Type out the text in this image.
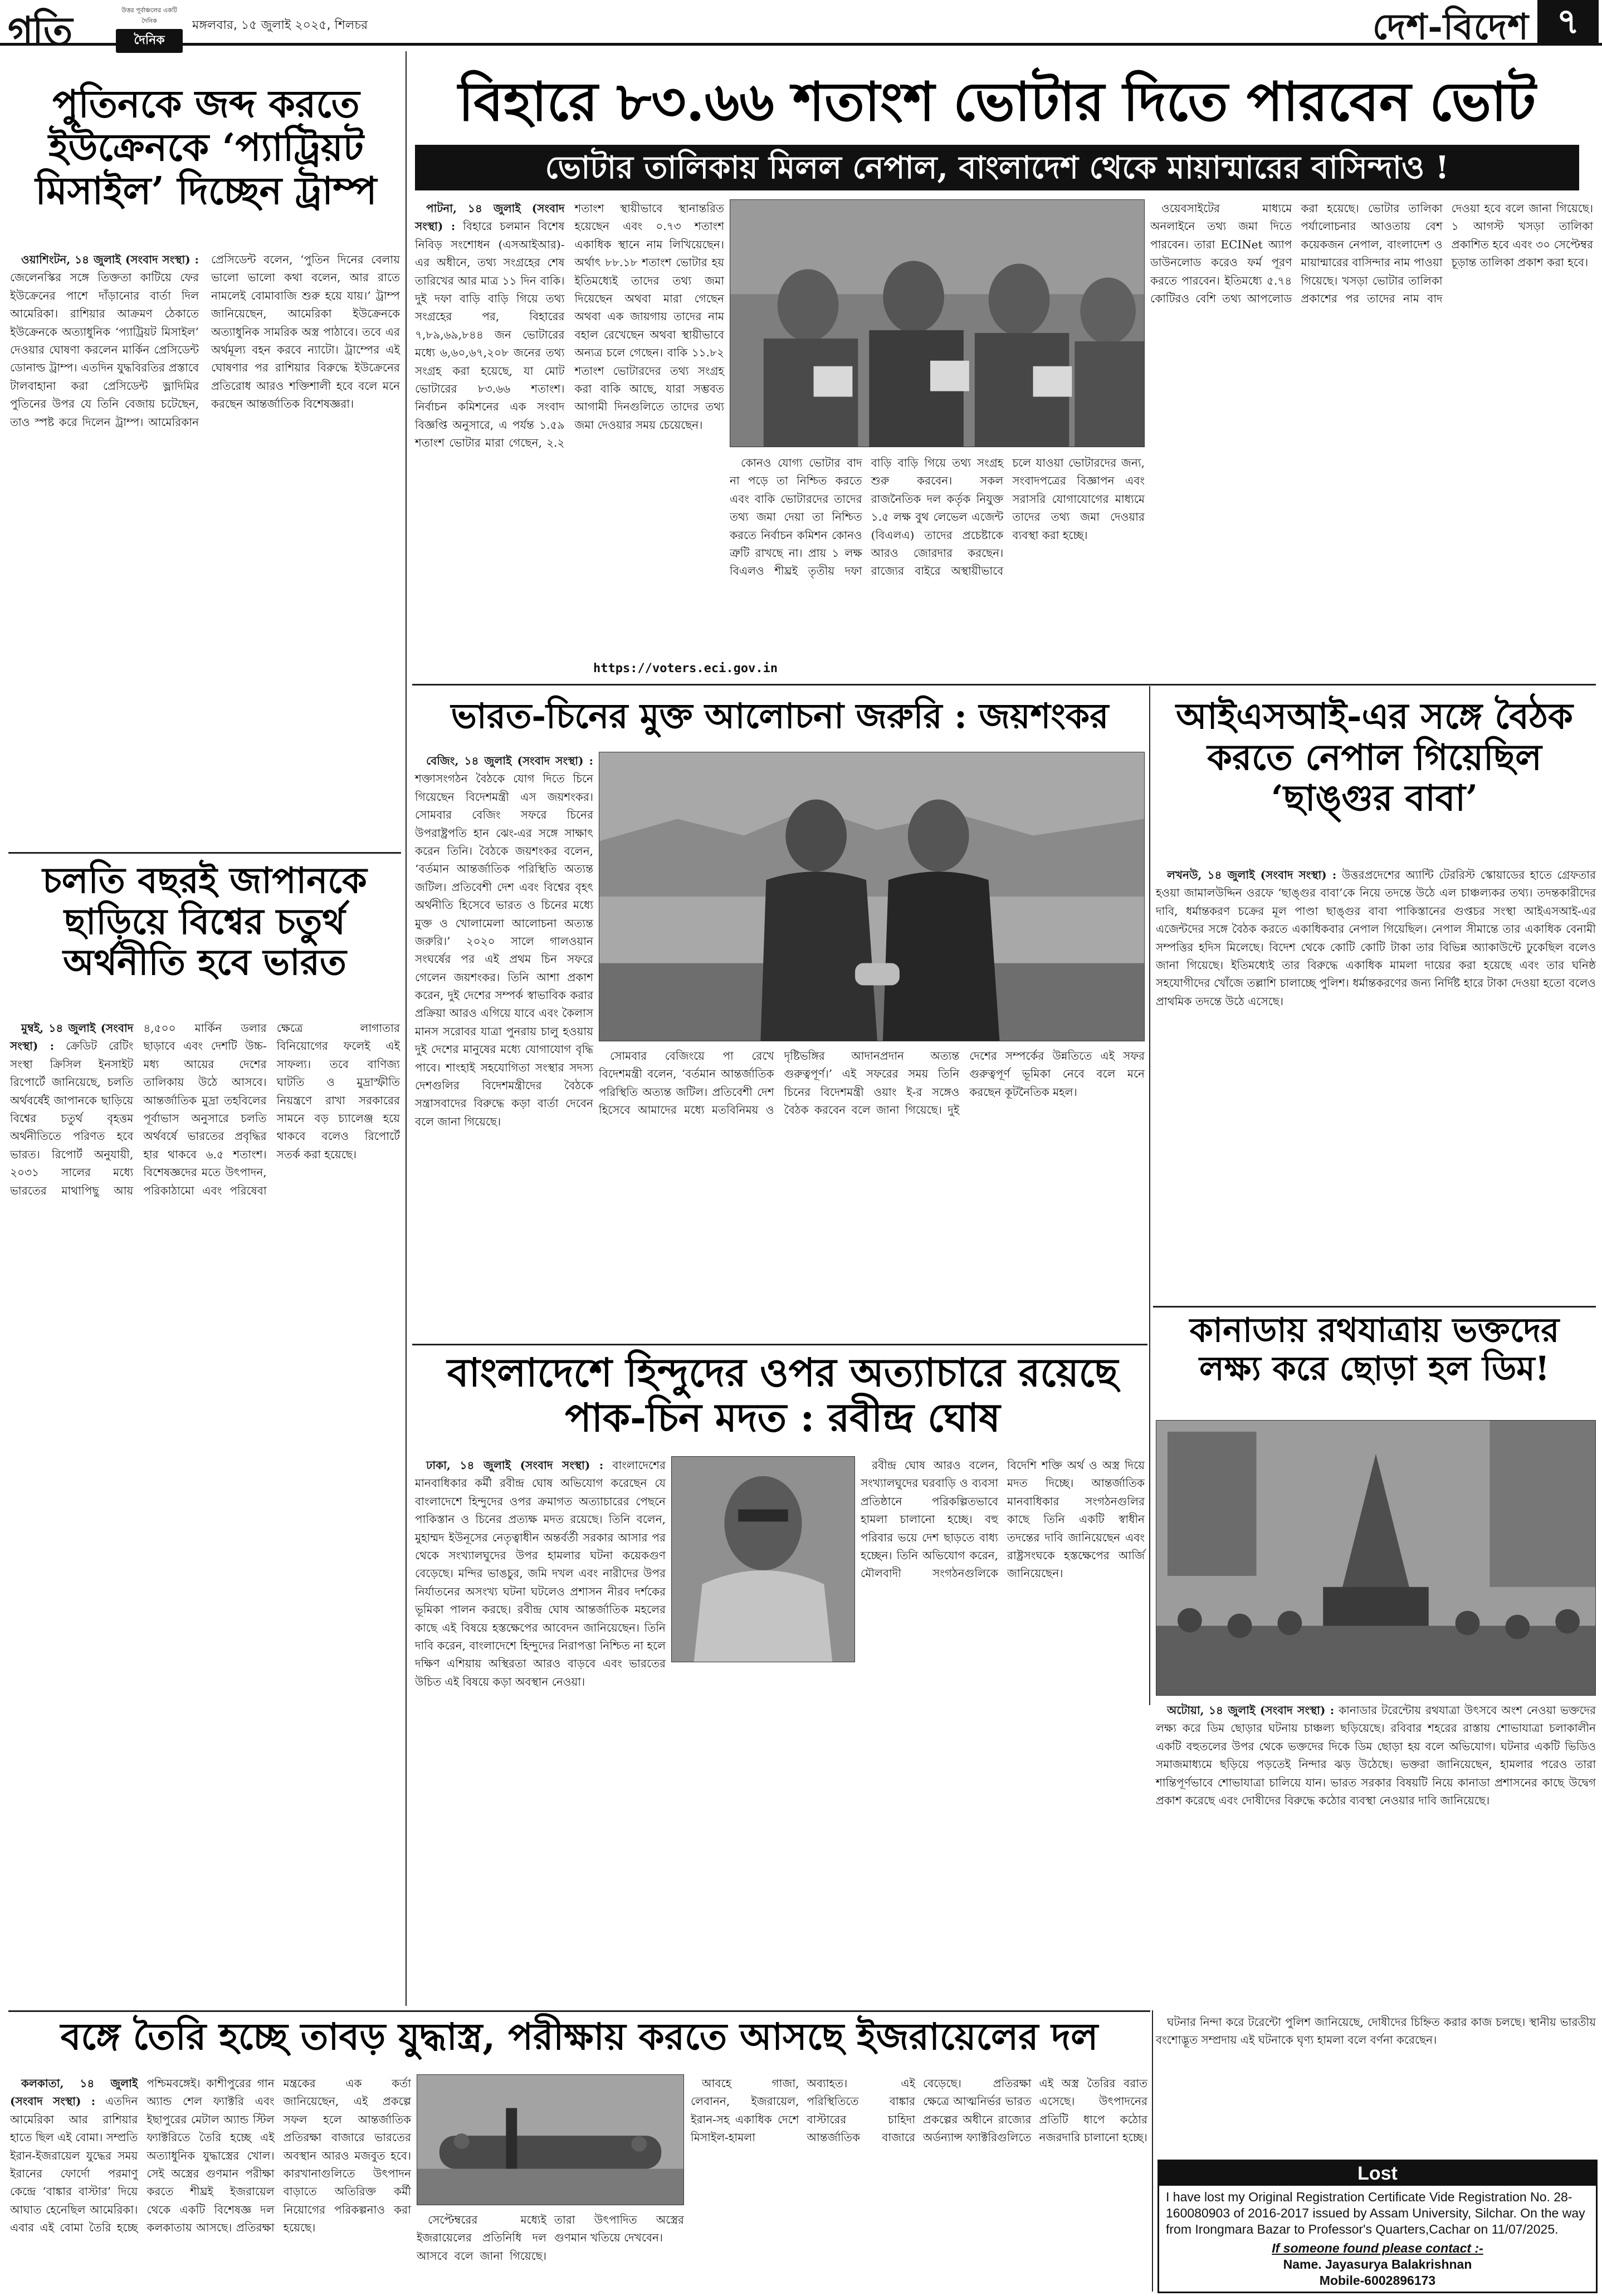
গতি	উত্তর পূর্বাঞ্চলের একটি দৈনিক
দৈনিক
মঙ্গলবার, ১৫ জুলাই ২০২৫, শিলচর	দেশ-বিদেশ ৭
পুতিনকে জব্দ করতে ইউক্রেনকে ‘প্যাট্রিয়ট মিসাইল’ দিচ্ছেন ট্রাম্প

ওয়াশিংটন, ১৪ জুলাই (সংবাদ সংস্থা) : জেলেনস্কির সঙ্গে তিক্ততা কাটিয়ে ফের ইউক্রেনের পাশে দাঁড়ানোর বার্তা দিল আমেরিকা। রাশিয়ার আক্রমণ ঠেকাতে ইউক্রেনকে অত্যাধুনিক ‘প্যাট্রিয়ট মিসাইল’ দেওয়ার ঘোষণা করলেন মার্কিন প্রেসিডেন্ট ডোনাল্ড ট্রাম্প। এতদিন যুদ্ধবিরতির প্রস্তাবে টালবাহানা করা প্রেসিডেন্ট ভ্লাদিমির পুতিনের উপর যে তিনি বেজায় চটেছেন, তাও স্পষ্ট করে দিলেন ট্রাম্প। আমেরিকান প্রেসিডেন্ট বলেন, ‘পুতিন দিনের বেলায় ভালো ভালো কথা বলেন, আর রাতে নামলেই বোমাবাজি শুরু হয়ে যায়।’ ট্রাম্প জানিয়েছেন, আমেরিকা ইউক্রেনকে অত্যাধুনিক সামরিক অস্ত্র পাঠাবে। তবে এর অর্থমূল্য বহন করবে ন্যাটো। ট্রাম্পের এই ঘোষণার পর রাশিয়ার বিরুদ্ধে ইউক্রেনের প্রতিরোধ আরও শক্তিশালী হবে বলে মনে করছেন আন্তর্জাতিক বিশেষজ্ঞরা।

চলতি বছরই জাপানকে ছাড়িয়ে বিশ্বের চতুর্থ অর্থনীতি হবে ভারত

মুম্বই, ১৪ জুলাই (সংবাদ সংস্থা) : ক্রেডিট রেটিং সংস্থা ক্রিসিল ইনসাইট রিপোর্টে জানিয়েছে, চলতি অর্থবর্ষেই জাপানকে ছাড়িয়ে বিশ্বের চতুর্থ বৃহত্তম অর্থনীতিতে পরিণত হবে ভারত। রিপোর্ট অনুযায়ী, ২০৩১ সালের মধ্যে ভারতের মাথাপিছু আয় ৪,৫০০ মার্কিন ডলার ছাড়াবে এবং দেশটি উচ্চ-মধ্য আয়ের দেশের তালিকায় উঠে আসবে। আন্তর্জাতিক মুদ্রা তহবিলের পূর্বাভাস অনুসারে চলতি অর্থবর্ষে ভারতের প্রবৃদ্ধির হার থাকবে ৬.৫ শতাংশ। বিশেষজ্ঞদের মতে উৎপাদন, পরিকাঠামো এবং পরিষেবা ক্ষেত্রে লাগাতার বিনিয়োগের ফলেই এই সাফল্য। তবে বাণিজ্য ঘাটতি ও মুদ্রাস্ফীতি নিয়ন্ত্রণে রাখা সরকারের সামনে বড় চ্যালেঞ্জ হয়ে থাকবে বলেও রিপোর্টে সতর্ক করা হয়েছে।

বিহারে ৮৩.৬৬ শতাংশ ভোটার দিতে পারবেন ভোট
ভোটার তালিকায় মিলল নেপাল, বাংলাদেশ থেকে মায়ান্মারের বাসিন্দাও !

পাটনা, ১৪ জুলাই (সংবাদ সংস্থা) : বিহারে চলমান বিশেষ নিবিড় সংশোধন (এসআইআর)-এর অধীনে, তথ্য সংগ্রহের শেষ তারিখের আর মাত্র ১১ দিন বাকি। দুই দফা বাড়ি বাড়ি গিয়ে তথ্য সংগ্রহের পর, বিহারের ৭,৮৯,৬৯,৮৪৪ জন ভোটারের মধ্যে ৬,৬০,৬৭,২০৮ জনের তথ্য সংগ্রহ করা হয়েছে, যা মোট ভোটারের ৮৩.৬৬ শতাংশ। নির্বাচন কমিশনের এক সংবাদ বিজ্ঞপ্তি অনুসারে, এ পর্যন্ত ১.৫৯ শতাংশ ভোটার মারা গেছেন, ২.২ শতাংশ স্থায়ীভাবে স্থানান্তরিত হয়েছেন এবং ০.৭৩ শতাংশ একাধিক স্থানে নাম লিখিয়েছেন। অর্থাৎ ৮৮.১৮ শতাংশ ভোটার হয় ইতিমধ্যেই তাদের তথ্য জমা দিয়েছেন অথবা মারা গেছেন অথবা এক জায়গায় তাদের নাম বহাল রেখেছেন অথবা স্থায়ীভাবে অন্যত্র চলে গেছেন। বাকি ১১.৮২ শতাংশ ভোটারদের তথ্য সংগ্রহ করা বাকি আছে, যারা সম্ভবত আগামী দিনগুলিতে তাদের তথ্য জমা দেওয়ার সময় চেয়েছেন।

কোনও যোগ্য ভোটার বাদ না পড়ে তা নিশ্চিত করতে এবং বাকি ভোটারদের তাদের তথ্য জমা দেয়া তা নিশ্চিত করতে নির্বাচন কমিশন কোনও ত্রুটি রাখছে না। প্রায় ১ লক্ষ বিএলও শীঘ্রই তৃতীয় দফা বাড়ি বাড়ি গিয়ে তথ্য সংগ্রহ শুরু করবেন। সকল রাজনৈতিক দল কর্তৃক নিযুক্ত ১.৫ লক্ষ বুথ লেভেল এজেন্ট (বিএলএ) তাদের প্রচেষ্টাকে আরও জোরদার করছেন। রাজ্যের বাইরে অস্থায়ীভাবে চলে যাওয়া ভোটারদের জন্য, সংবাদপত্রের বিজ্ঞাপন এবং সরাসরি যোগাযোগের মাধ্যমে তাদের তথ্য জমা দেওয়ার ব্যবস্থা করা হচ্ছে।

https://voters.eci.gov.in

ওয়েবসাইটের মাধ্যমে অনলাইনে তথ্য জমা দিতে পারবেন। তারা ECINet অ্যাপ ডাউনলোড করেও ফর্ম পূরণ করতে পারবেন। ইতিমধ্যে ৫.৭৪ কোটিরও বেশি তথ্য আপলোড করা হয়েছে। ভোটার তালিকা পর্যালোচনার আওতায় বেশ কয়েকজন নেপাল, বাংলাদেশ ও মায়ান্মারের বাসিন্দার নাম পাওয়া গিয়েছে। খসড়া ভোটার তালিকা প্রকাশের পর তাদের নাম বাদ দেওয়া হবে বলে জানা গিয়েছে। ১ আগস্ট খসড়া তালিকা প্রকাশিত হবে এবং ৩০ সেপ্টেম্বর চূড়ান্ত তালিকা প্রকাশ করা হবে।

ভারত-চিনের মুক্ত আলোচনা জরুরি : জয়শংকর

বেজিং, ১৪ জুলাই (সংবাদ সংস্থা) : শক্তাসংগঠন বৈঠকে যোগ দিতে চিনে গিয়েছেন বিদেশমন্ত্রী এস জয়শংকর। সোমবার বেজিং সফরে চিনের উপরাষ্ট্রপতি হান ঝেং-এর সঙ্গে সাক্ষাৎ করেন তিনি। বৈঠকে জয়শংকর বলেন, ‘বর্তমান আন্তর্জাতিক পরিস্থিতি অত্যন্ত জটিল। প্রতিবেশী দেশ এবং বিশ্বের বৃহৎ অর্থনীতি হিসেবে ভারত ও চিনের মধ্যে মুক্ত ও খোলামেলা আলোচনা অত্যন্ত জরুরি।’ ২০২০ সালে গালওয়ান সংঘর্ষের পর এই প্রথম চিন সফরে গেলেন জয়শংকর। তিনি আশা প্রকাশ করেন, দুই দেশের সম্পর্ক স্বাভাবিক করার প্রক্রিয়া আরও এগিয়ে যাবে এবং কৈলাস মানস সরোবর যাত্রা পুনরায় চালু হওয়ায় দুই দেশের মানুষের মধ্যে যোগাযোগ বৃদ্ধি পাবে। শাংহাই সহযোগিতা সংস্থার সদস্য দেশগুলির বিদেশমন্ত্রীদের বৈঠকে সন্ত্রাসবাদের বিরুদ্ধে কড়া বার্তা দেবেন বলে জানা গিয়েছে।

সোমবার বেজিংয়ে পা রেখে বিদেশমন্ত্রী বলেন, ‘বর্তমান আন্তর্জাতিক পরিস্থিতি অত্যন্ত জটিল। প্রতিবেশী দেশ হিসেবে আমাদের মধ্যে মতবিনিময় ও দৃষ্টিভঙ্গির আদানপ্রদান অত্যন্ত গুরুত্বপূর্ণ।’ এই সফরের সময় তিনি চিনের বিদেশমন্ত্রী ওয়াং ই-র সঙ্গেও বৈঠক করবেন বলে জানা গিয়েছে। দুই দেশের সম্পর্কের উন্নতিতে এই সফর গুরুত্বপূর্ণ ভূমিকা নেবে বলে মনে করছেন কূটনৈতিক মহল।

আইএসআই-এর সঙ্গে বৈঠক করতে নেপাল গিয়েছিল ‘ছাঙ্গুর বাবা’

লখনউ, ১৪ জুলাই (সংবাদ সংস্থা) : উত্তরপ্রদেশের অ্যান্টি টেররিস্ট স্কোয়াডের হাতে গ্রেফতার হওয়া জামালউদ্দিন ওরফে ‘ছাঙ্গুর বাবা’কে নিয়ে তদন্তে উঠে এল চাঞ্চল্যকর তথ্য। তদন্তকারীদের দাবি, ধর্মান্তকরণ চক্রের মূল পাণ্ডা ছাঙ্গুর বাবা পাকিস্তানের গুপ্তচর সংস্থা আইএসআই-এর এজেন্টদের সঙ্গে বৈঠক করতে একাধিকবার নেপাল গিয়েছিল। নেপাল সীমান্তে তার একাধিক বেনামী সম্পত্তির হদিস মিলেছে। বিদেশ থেকে কোটি কোটি টাকা তার বিভিন্ন অ্যাকাউন্টে ঢুকেছিল বলেও জানা গিয়েছে। ইতিমধ্যেই তার বিরুদ্ধে একাধিক মামলা দায়ের করা হয়েছে এবং তার ঘনিষ্ঠ সহযোগীদের খোঁজে তল্লাশি চালাচ্ছে পুলিশ। ধর্মান্তকরণের জন্য নির্দিষ্ট হারে টাকা দেওয়া হতো বলেও প্রাথমিক তদন্তে উঠে এসেছে।

বাংলাদেশে হিন্দুদের ওপর অত্যাচারে রয়েছে পাক-চিন মদত : রবীন্দ্র ঘোষ

ঢাকা, ১৪ জুলাই (সংবাদ সংস্থা) : বাংলাদেশের মানবাধিকার কর্মী রবীন্দ্র ঘোষ অভিযোগ করেছেন যে বাংলাদেশে হিন্দুদের ওপর ক্রমাগত অত্যাচারের পেছনে পাকিস্তান ও চিনের প্রত্যক্ষ মদত রয়েছে। তিনি বলেন, মুহাম্মদ ইউনূসের নেতৃত্বাধীন অন্তর্বর্তী সরকার আসার পর থেকে সংখ্যালঘুদের উপর হামলার ঘটনা কয়েকগুণ বেড়েছে। মন্দির ভাঙচুর, জমি দখল এবং নারীদের উপর নির্যাতনের অসংখ্য ঘটনা ঘটলেও প্রশাসন নীরব দর্শকের ভূমিকা পালন করছে। রবীন্দ্র ঘোষ আন্তর্জাতিক মহলের কাছে এই বিষয়ে হস্তক্ষেপের আবেদন জানিয়েছেন। তিনি দাবি করেন, বাংলাদেশে হিন্দুদের নিরাপত্তা নিশ্চিত না হলে দক্ষিণ এশিয়ায় অস্থিরতা আরও বাড়বে এবং ভারতের উচিত এই বিষয়ে কড়া অবস্থান নেওয়া।

রবীন্দ্র ঘোষ আরও বলেন, সংখ্যালঘুদের ঘরবাড়ি ও ব্যবসা প্রতিষ্ঠানে পরিকল্পিতভাবে হামলা চালানো হচ্ছে। বহু পরিবার ভয়ে দেশ ছাড়তে বাধ্য হচ্ছেন। তিনি অভিযোগ করেন, মৌলবাদী সংগঠনগুলিকে বিদেশি শক্তি অর্থ ও অস্ত্র দিয়ে মদত দিচ্ছে। আন্তর্জাতিক মানবাধিকার সংগঠনগুলির কাছে তিনি একটি স্বাধীন তদন্তের দাবি জানিয়েছেন এবং রাষ্ট্রসংঘকে হস্তক্ষেপের আর্জি জানিয়েছেন।

কানাডায় রথযাত্রায় ভক্তদের লক্ষ্য করে ছোড়া হল ডিম!

অটোয়া, ১৪ জুলাই (সংবাদ সংস্থা) : কানাডার টরেন্টোয় রথযাত্রা উৎসবে অংশ নেওয়া ভক্তদের লক্ষ্য করে ডিম ছোড়ার ঘটনায় চাঞ্চল্য ছড়িয়েছে। রবিবার শহরের রাস্তায় শোভাযাত্রা চলাকালীন একটি বহুতলের উপর থেকে ভক্তদের দিকে ডিম ছোড়া হয় বলে অভিযোগ। ঘটনার একটি ভিডিও সমাজমাধ্যমে ছড়িয়ে পড়তেই নিন্দার ঝড় উঠেছে। ভক্তরা জানিয়েছেন, হামলার পরেও তারা শান্তিপূর্ণভাবে শোভাযাত্রা চালিয়ে যান। ভারত সরকার বিষয়টি নিয়ে কানাডা প্রশাসনের কাছে উদ্বেগ প্রকাশ করেছে এবং দোষীদের বিরুদ্ধে কঠোর ব্যবস্থা নেওয়ার দাবি জানিয়েছে।

বঙ্গে তৈরি হচ্ছে তাবড় যুদ্ধাস্ত্র, পরীক্ষায় করতে আসছে ইজরায়েলের দল

কলকাতা, ১৪ জুলাই (সংবাদ সংস্থা) : এতদিন আমেরিকা আর রাশিয়ার হাতে ছিল এই বোমা। সম্প্রতি ইরান-ইজরায়েল যুদ্ধের সময় ইরানের ফোর্দো পরমাণু কেন্দ্রে ‘বাঙ্কার বাস্টার’ দিয়ে আঘাত হেনেছিল আমেরিকা। এবার এই বোমা তৈরি হচ্ছে পশ্চিমবঙ্গেই। কাশীপুরের গান অ্যান্ড শেল ফ্যাক্টরি এবং ইছাপুরের মেটাল অ্যান্ড স্টিল ফ্যাক্টরিতে তৈরি হচ্ছে এই অত্যাধুনিক যুদ্ধাস্ত্রের খোল। সেই অস্ত্রের গুণমান পরীক্ষা করতে শীঘ্রই ইজরায়েল থেকে একটি বিশেষজ্ঞ দল কলকাতায় আসছে। প্রতিরক্ষা মন্ত্রকের এক কর্তা জানিয়েছেন, এই প্রকল্পে সফল হলে আন্তর্জাতিক প্রতিরক্ষা বাজারে ভারতের অবস্থান আরও মজবুত হবে। কারখানাগুলিতে উৎপাদন বাড়াতে অতিরিক্ত কর্মী নিয়োগের পরিকল্পনাও করা হয়েছে।

সেপ্টেম্বরের মধ্যেই ইজরায়েলের প্রতিনিধি দল আসবে বলে জানা গিয়েছে। তারা উৎপাদিত অস্ত্রের গুণমান খতিয়ে দেখবেন।

আবহে গাজা, লেবানন, ইজরায়েল, ইরান-সহ একাধিক দেশে মিসাইল-হামলা অব্যাহত। এই পরিস্থিতিতে বাঙ্কার বাস্টারের চাহিদা আন্তর্জাতিক বাজারে বেড়েছে। প্রতিরক্ষা ক্ষেত্রে আত্মনির্ভর ভারত প্রকল্পের অধীনে রাজ্যের অর্ডন্যান্স ফ্যাক্টরিগুলিতে এই অস্ত্র তৈরির বরাত এসেছে। উৎপাদনের প্রতিটি ধাপে কঠোর নজরদারি চালানো হচ্ছে।

ঘটনার নিন্দা করে টরেন্টো পুলিশ জানিয়েছে, দোষীদের চিহ্নিত করার কাজ চলছে। স্থানীয় ভারতীয় বংশোদ্ভূত সম্প্রদায় এই ঘটনাকে ঘৃণ্য হামলা বলে বর্ণনা করেছেন।

Lost
I have lost my Original Registration Certificate Vide Registration No. 28-160080903 of 2016-2017 issued by Assam University, Silchar. On the way from Irongmara Bazar to Professor's Quarters,Cachar on 11/07/2025.
If someone found please contact :-
Name. Jayasurya Balakrishnan
Mobile-6002896173
